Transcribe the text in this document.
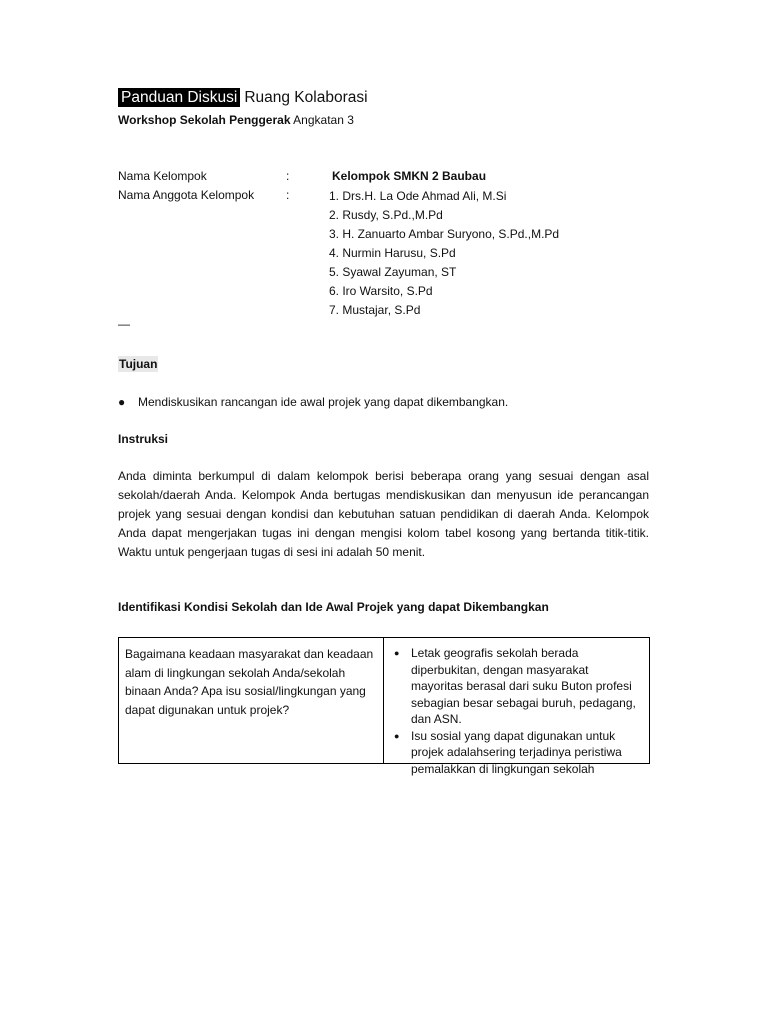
Panduan Diskusi Ruang Kolaborasi
Workshop Sekolah Penggerak Angkatan 3
Nama Kelompok	:	Kelompok SMKN 2 Baubau
Nama Anggota Kelompok	:	1. Drs.H. La Ode Ahmad Ali, M.Si
2. Rusdy, S.Pd.,M.Pd
3. H. Zanuarto Ambar Suryono, S.Pd.,M.Pd
4. Nurmin Harusu, S.Pd
5. Syawal Zayuman, ST
6. Iro Warsito, S.Pd
7. Mustajar, S.Pd
—
Tujuan
● Mendiskusikan rancangan ide awal projek yang dapat dikembangkan.
Instruksi

Anda diminta berkumpul di dalam kelompok berisi beberapa orang yang sesuai dengan asal sekolah/daerah Anda. Kelompok Anda bertugas mendiskusikan dan menyusun ide perancangan projek yang sesuai dengan kondisi dan kebutuhan satuan pendidikan di daerah Anda. Kelompok Anda dapat mengerjakan tugas ini dengan mengisi kolom tabel kosong yang bertanda titik-titik. Waktu untuk pengerjaan tugas di sesi ini adalah 50 menit.

Identifikasi Kondisi Sekolah dan Ide Awal Projek yang dapat Dikembangkan
Bagaimana keadaan masyarakat dan keadaan alam di lingkungan sekolah Anda/sekolah binaan Anda? Apa isu sosial/lingkungan yang dapat digunakan untuk projek?
● Letak geografis sekolah berada diperbukitan, dengan masyarakat mayoritas berasal dari suku Buton profesi sebagian besar sebagai buruh, pedagang, dan ASN.
● Isu sosial yang dapat digunakan untuk projek adalahsering terjadinya peristiwa pemalakkan di lingkungan sekolah
